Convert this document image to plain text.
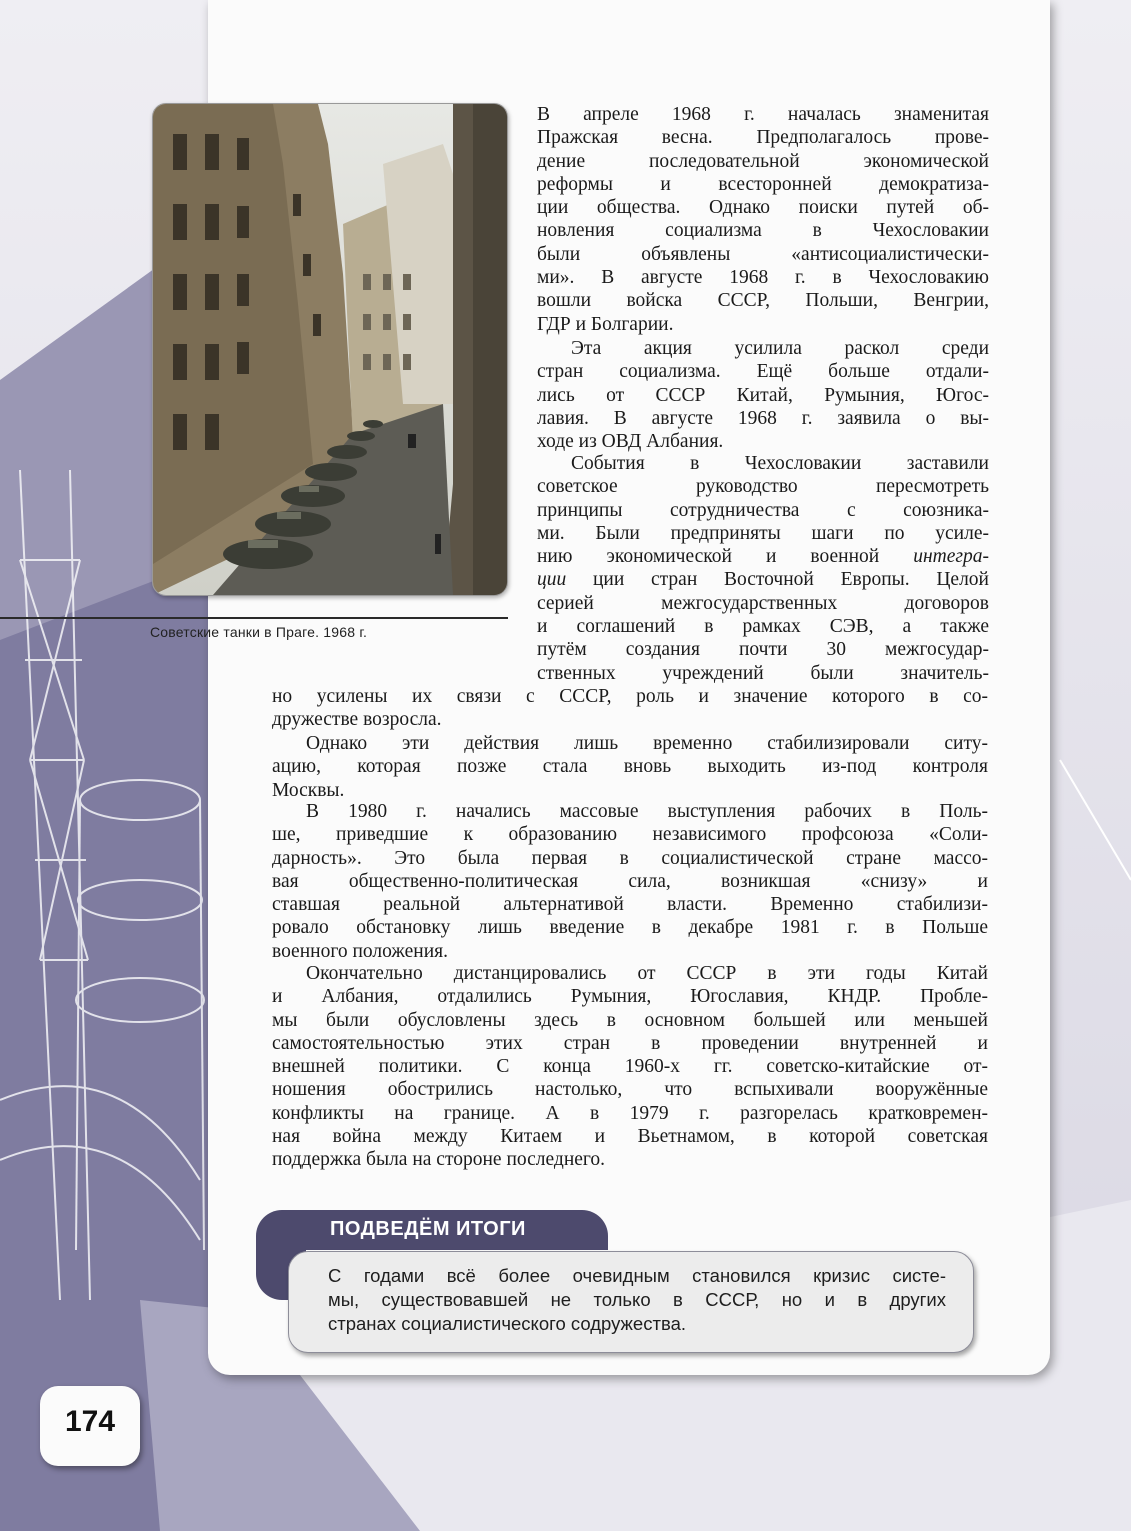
Советские танки в Праге. 1968 г.
В апреле 1968 г. началась знаменитая
Пражская весна. Предполагалось прове-
дение последовательной экономической
реформы и всесторонней демократиза-
ции общества. Однако поиски путей об-
новления социализма в Чехословакии
были объявлены «антисоциалистически-
ми». В августе 1968 г. в Чехословакию
вошли войска СССР, Польши, Венгрии,
ГДР и Болгарии.
Эта акция усилила раскол среди
стран социализма. Ещё больше отдали-
лись от СССР Китай, Румыния, Югос-
лавия. В августе 1968 г. заявила о вы-
ходе из ОВД Албания.
События в Чехословакии заставили
советское руководство пересмотреть
принципы сотрудничества с союзника-
ми. Были предприняты шаги по усиле-
нию экономической и военной интегра-
ции ции стран Восточной Европы. Целой
серией межгосударственных договоров
и соглашений в рамках СЭВ, а также
путём создания почти 30 межгосудар-
ственных учреждений были значитель-
но усилены их связи с СССР, роль и значение которого в со-
дружестве возросла.
Однако эти действия лишь временно стабилизировали ситу-
ацию, которая позже стала вновь выходить из-под контроля
Москвы.
В 1980 г. начались массовые выступления рабочих в Поль-
ше, приведшие к образованию независимого профсоюза «Соли-
дарность». Это была первая в социалистической стране массо-
вая общественно-политическая сила, возникшая «снизу» и
ставшая реальной альтернативой власти. Временно стабилизи-
ровало обстановку лишь введение в декабре 1981 г. в Польше
военного положения.
Окончательно дистанцировались от СССР в эти годы Китай
и Албания, отдалились Румыния, Югославия, КНДР. Пробле-
мы были обусловлены здесь в основном большей или меньшей
самостоятельностью этих стран в проведении внутренней и
внешней политики. С конца 1960-х гг. советско-китайские от-
ношения обострились настолько, что вспыхивали вооружённые
конфликты на границе. А в 1979 г. разгорелась кратковремен-
ная война между Китаем и Вьетнамом, в которой советская
поддержка была на стороне последнего.
ПОДВЕДЁМ ИТОГИ
С годами всё более очевидным становился кризис систе-
мы, существовавшей не только в СССР, но и в других
странах социалистического содружества.
174
